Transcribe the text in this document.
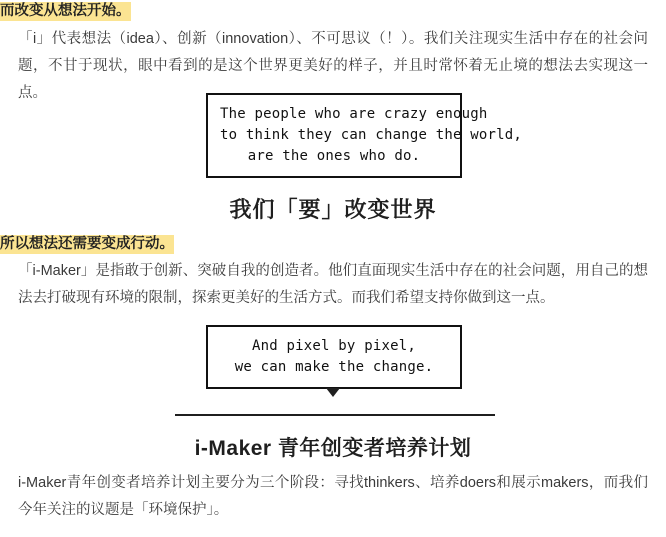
而改变从想法开始。

「i」代表想法（idea）、创新（innovation）、不可思议（！）。我们关注现实生活中存在的社会问题，不甘于现状，眼中看到的是这个世界更美好的样子，并且时常怀着无止境的想法去实现这一点。

The people who are crazy enough
to think they can change the world,
are the ones who do.
我们「要」改变世界
所以想法还需要变成行动。

「i-Maker」是指敢于创新、突破自我的创造者。他们直面现实生活中存在的社会问题，用自己的想法去打破现有环境的限制，探索更美好的生活方式。而我们希望支持你做到这一点。

And pixel by pixel,
we can make the change.
i-Maker 青年创变者培养计划

i-Maker青年创变者培养计划主要分为三个阶段：寻找thinkers、培养doers和展示makers，而我们今年关注的议题是「环境保护」。
